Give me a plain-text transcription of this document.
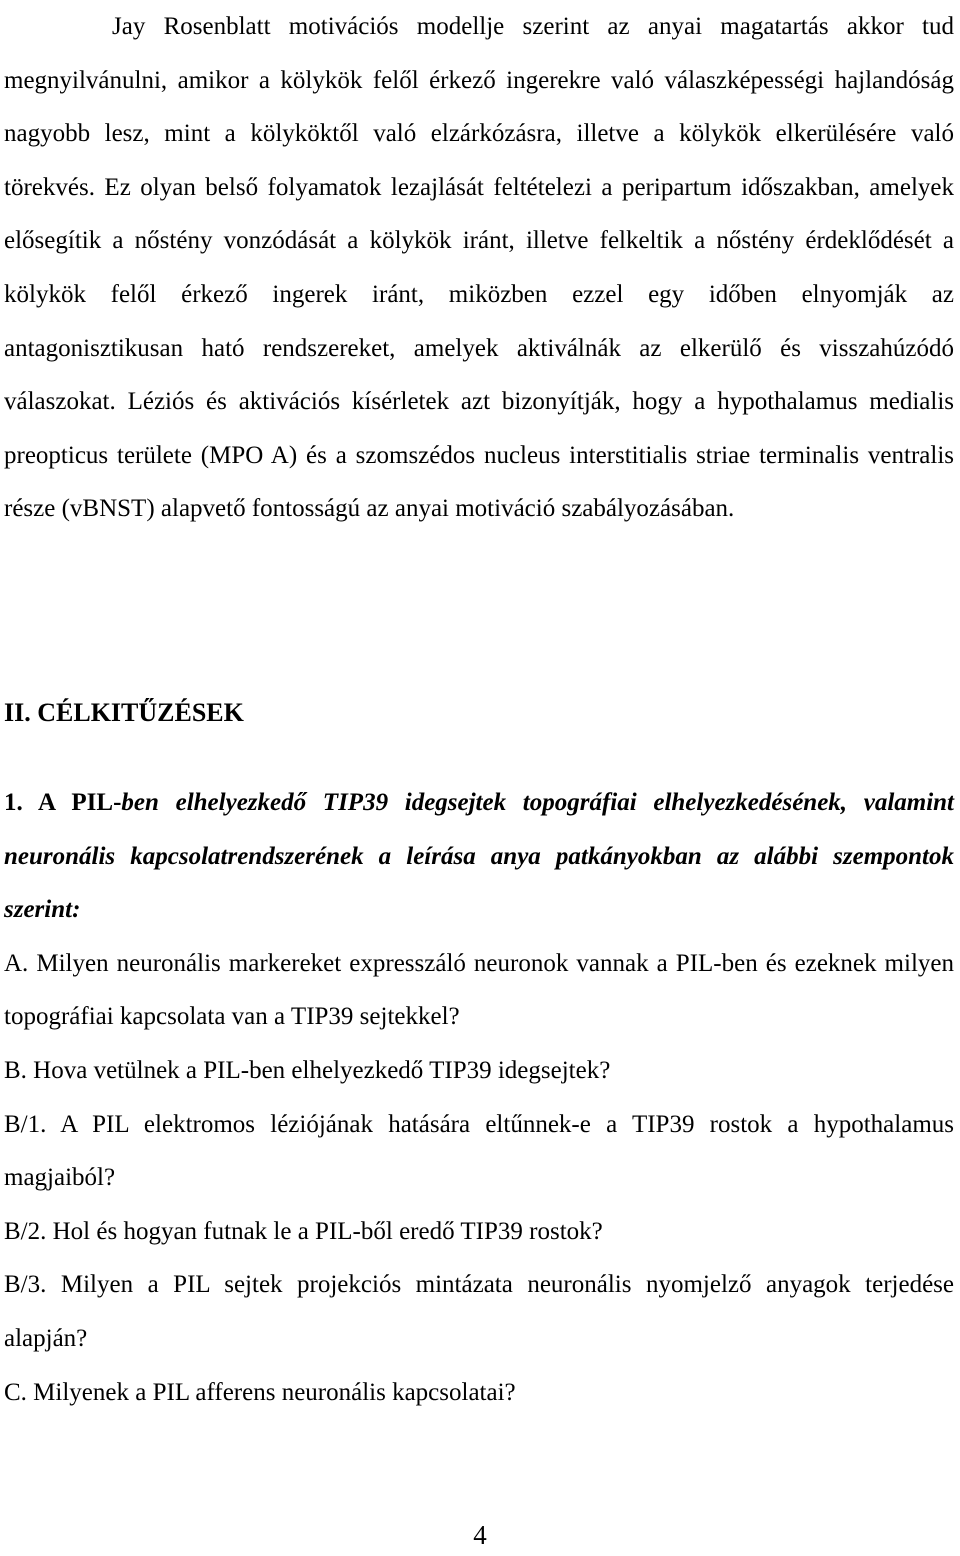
Jay Rosenblatt motivációs modellje szerint az anyai magatartás akkor tud megnyilvánulni, amikor a kölykök felől érkező ingerekre való válaszképességi hajlandóság nagyobb lesz, mint a kölyköktől való elzárkózásra, illetve a kölykök elkerülésére való törekvés. Ez olyan belső folyamatok lezajlását feltételezi a peripartum időszakban, amelyek elősegítik a nőstény vonzódását a kölykök iránt, illetve felkeltik a nőstény érdeklődését a kölykök felől érkező ingerek iránt, miközben ezzel egy időben elnyomják az antagonisztikusan ható rendszereket, amelyek aktiválnák az elkerülő és visszahúzódó válaszokat. Léziós és aktivációs kísérletek azt bizonyítják, hogy a hypothalamus medialis preopticus területe (MPO A) és a szomszédos nucleus interstitialis striae terminalis ventralis része (vBNST) alapvető fontosságú az anyai motiváció szabályozásában.

II. CÉLKITŰZÉSEK

1. A PIL-ben elhelyezkedő TIP39 idegsejtek topográfiai elhelyezkedésének, valamint neuronális kapcsolatrendszerének a leírása anya patkányokban az alábbi szempontok szerint:

A. Milyen neuronális markereket expresszáló neuronok vannak a PIL-ben és ezeknek milyen topográfiai kapcsolata van a TIP39 sejtekkel?

B. Hova vetülnek a PIL-ben elhelyezkedő TIP39 idegsejtek?

B/1. A PIL elektromos léziójának hatására eltűnnek-e a TIP39 rostok a hypothalamus magjaiból?

B/2. Hol és hogyan futnak le a PIL-ből eredő TIP39 rostok?

B/3. Milyen a PIL sejtek projekciós mintázata neuronális nyomjelző anyagok terjedése alapján?

C. Milyenek a PIL afferens neuronális kapcsolatai?

4
